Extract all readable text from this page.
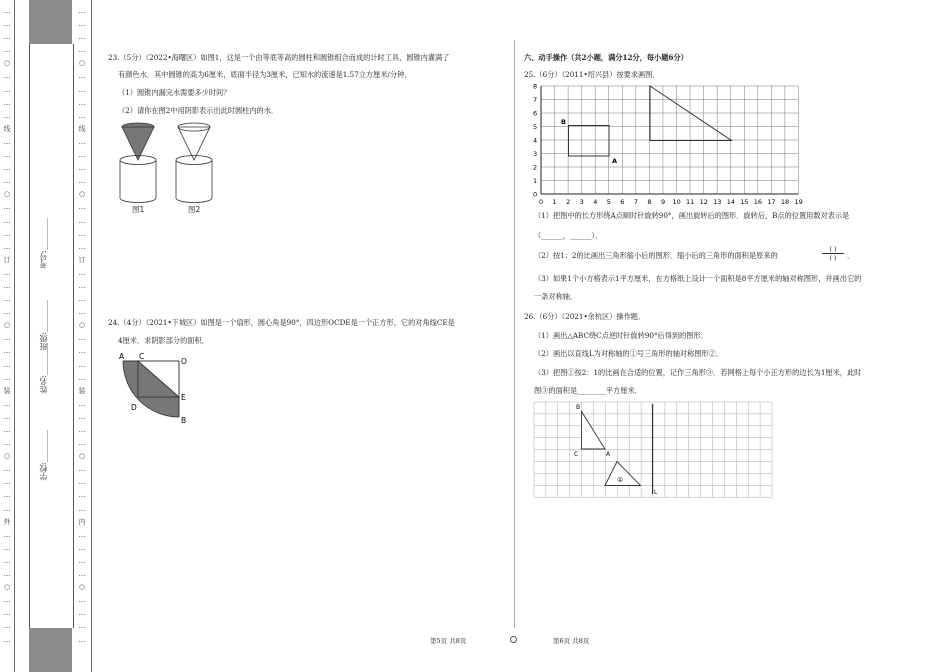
…
…
…
…
○
…
…
…
…
线
…
…
…
…
○
…
…
…
…
订
…
…
…
…
○
…
…
…
…
装
…
…
…
…
○
…
…
…
…
外
…
…
…
…
○
…
…
…
…
学校:________
姓名:________
班级:________
考号:________
…
…
…
…
○
…
…
…
…
线
…
…
…
…
○
…
…
…
…
订
…
…
…
…
○
…
…
…
…
装
…
…
…
…
○
…
…
…
…
内
…
…
…
…
○
…
…
…
…
23.（5分）（2022•海曙区）如图1，这是一个由等底等高的圆柱和圆锥组合而成的计时工具，圆锥内灌满了
有颜色水．其中圆锥的高为6厘米，底面半径为3厘米，已知水的流速是1.57立方厘米/分钟．
（1）圆锥内漏完水需要多少时间？
（2）请你在图2中用阴影表示出此时圆柱内的水．
图1	图2
24.（4分）（2021•下城区）如图是一个扇形，圆心角是90°，四边形OCDE是一个正方形，它的对角线CE是
4厘米．求阴影部分的面积．
A C
O
D
E
B
六、动手操作（共2小题，满分12分，每小题6分）
25.（6分）（2011•绍兴县）按要求画图．
0
1
2
3
4
5
6
7
8
0 1 2 3 4 5 6 7 8 9 10 11 12 13 14 15 16 17 18 19
B
A
（1）把图中的长方形绕A点顺时针旋转90°，画出旋转后的图形．旋转后，B点的位置用数对表示是
（______，______）．
（2）按1：2的比画出三角形缩小后的图形．缩小后的三角形的面积是原来的
( )
( )	．
（3）如果1个小方格表示1平方厘米，在方格纸上设计一个面积是8平方厘米的轴对称图形，并画出它的
一条对称轴．
26.（6分）（2021•余杭区）操作题．
（1）画出△ABC绕C点逆时针旋转90°后得到的图形．
（2）画出以直线L为对称轴的①号三角形的轴对称图形②．
（3）把图①按2：1的比画在合适的位置，记作三角形③．若网格上每个小正方形的边长为1厘米，此时
图③的面积是________平方厘米．
B
C	A
L
①
第5页 共8页	第6页 共8页
